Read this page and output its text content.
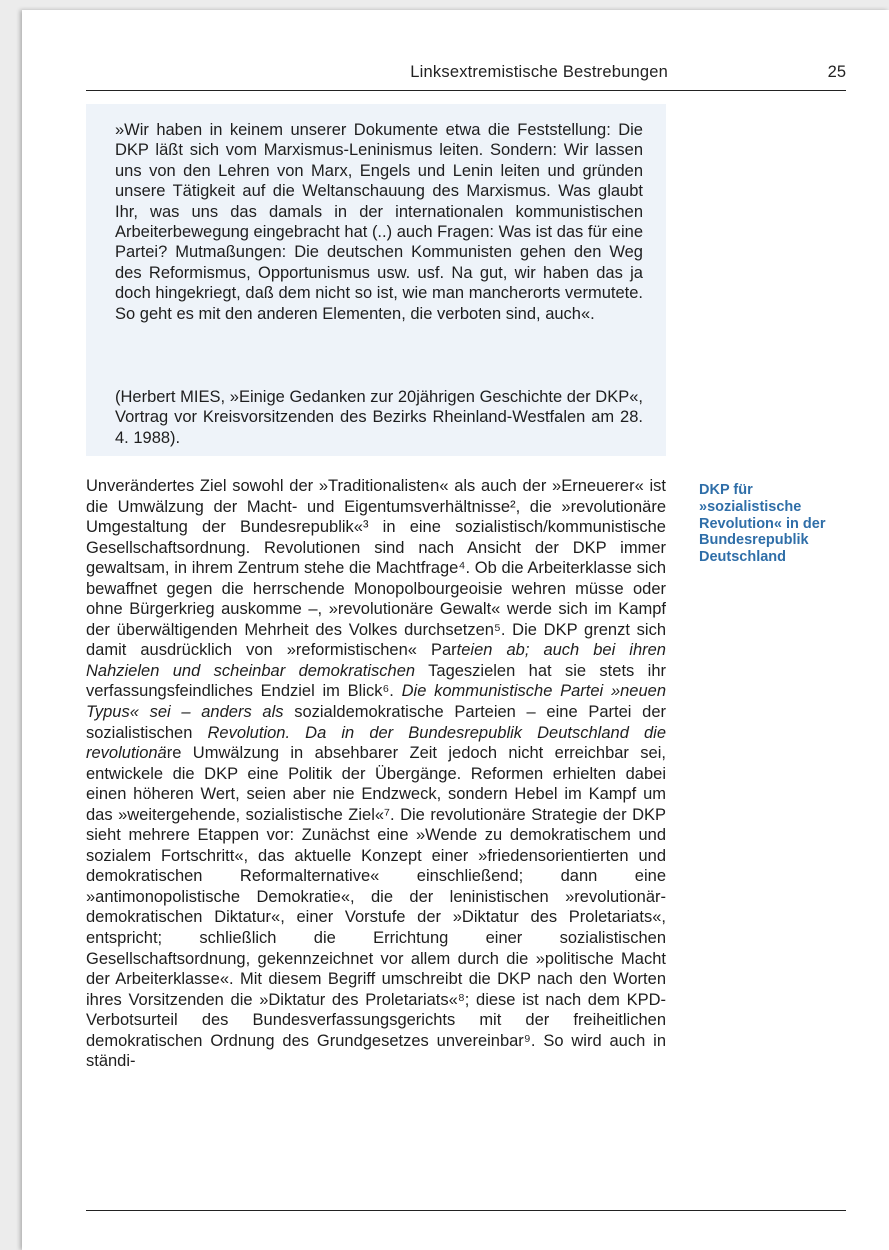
Linksextremistische Bestrebungen	25

»Wir haben in keinem unserer Dokumente etwa die Feststellung: Die DKP läßt sich vom Marxismus-Leninismus leiten. Sondern: Wir lassen uns von den Lehren von Marx, Engels und Lenin leiten und gründen unsere Tätigkeit auf die Weltanschauung des Marxismus. Was glaubt Ihr, was uns das damals in der internationalen kommunistischen Arbeiterbewegung eingebracht hat (..) auch Fragen: Was ist das für eine Partei? Mutmaßungen: Die deutschen Kommunisten gehen den Weg des Reformismus, Opportunismus usw. usf. Na gut, wir haben das ja doch hingekriegt, daß dem nicht so ist, wie man mancherorts vermutete. So geht es mit den anderen Elementen, die verboten sind, auch«.

(Herbert MIES, »Einige Gedanken zur 20jährigen Geschichte der DKP«, Vortrag vor Kreisvorsitzenden des Bezirks Rheinland-Westfalen am 28. 4. 1988).

Unverändertes Ziel sowohl der »Traditionalisten« als auch der »Erneuerer« ist die Umwälzung der Macht- und Eigentumsverhältnisse², die »revolutionäre Umgestaltung der Bundesrepublik«³ in eine sozialistisch/kommunistische Gesellschaftsordnung. Revolutionen sind nach Ansicht der DKP immer gewaltsam, in ihrem Zentrum stehe die Machtfrage⁴. Ob die Arbeiterklasse sich bewaffnet gegen die herrschende Monopolbourgeoisie wehren müsse oder ohne Bürgerkrieg auskomme –, »revolutionäre Gewalt« werde sich im Kampf der überwältigenden Mehrheit des Volkes durchsetzen⁵. Die DKP grenzt sich damit ausdrücklich von »reformistischen« Parteien ab; auch bei ihren Nahzielen und scheinbar demokratischen Tageszielen hat sie stets ihr verfassungsfeindliches Endziel im Blick⁶. Die kommunistische Partei »neuen Typus« sei – anders als sozialdemokratische Parteien – eine Partei der sozialistischen Revolution. Da in der Bundesrepublik Deutschland die revolutionäre Umwälzung in absehbarer Zeit jedoch nicht erreichbar sei, entwickele die DKP eine Politik der Übergänge. Reformen erhielten dabei einen höheren Wert, seien aber nie Endzweck, sondern Hebel im Kampf um das »weitergehende, sozialistische Ziel«⁷. Die revolutionäre Strategie der DKP sieht mehrere Etappen vor: Zunächst eine »Wende zu demokratischem und sozialem Fortschritt«, das aktuelle Konzept einer »friedensorientierten und demokratischen Reformalternative« einschließend; dann eine »antimonopolistische Demokratie«, die der leninistischen »revolutionär-demokratischen Diktatur«, einer Vorstufe der »Diktatur des Proletariats«, entspricht; schließlich die Errichtung einer sozialistischen Gesellschaftsordnung, gekennzeichnet vor allem durch die »politische Macht der Arbeiterklasse«. Mit diesem Begriff umschreibt die DKP nach den Worten ihres Vorsitzenden die »Diktatur des Proletariats«⁸; diese ist nach dem KPD-Verbotsurteil des Bundesverfassungsgerichts mit der freiheitlichen demokratischen Ordnung des Grundgesetzes unvereinbar⁹. So wird auch in ständi-

DKP für »sozialistische Revolution« in der Bundesrepublik Deutschland
